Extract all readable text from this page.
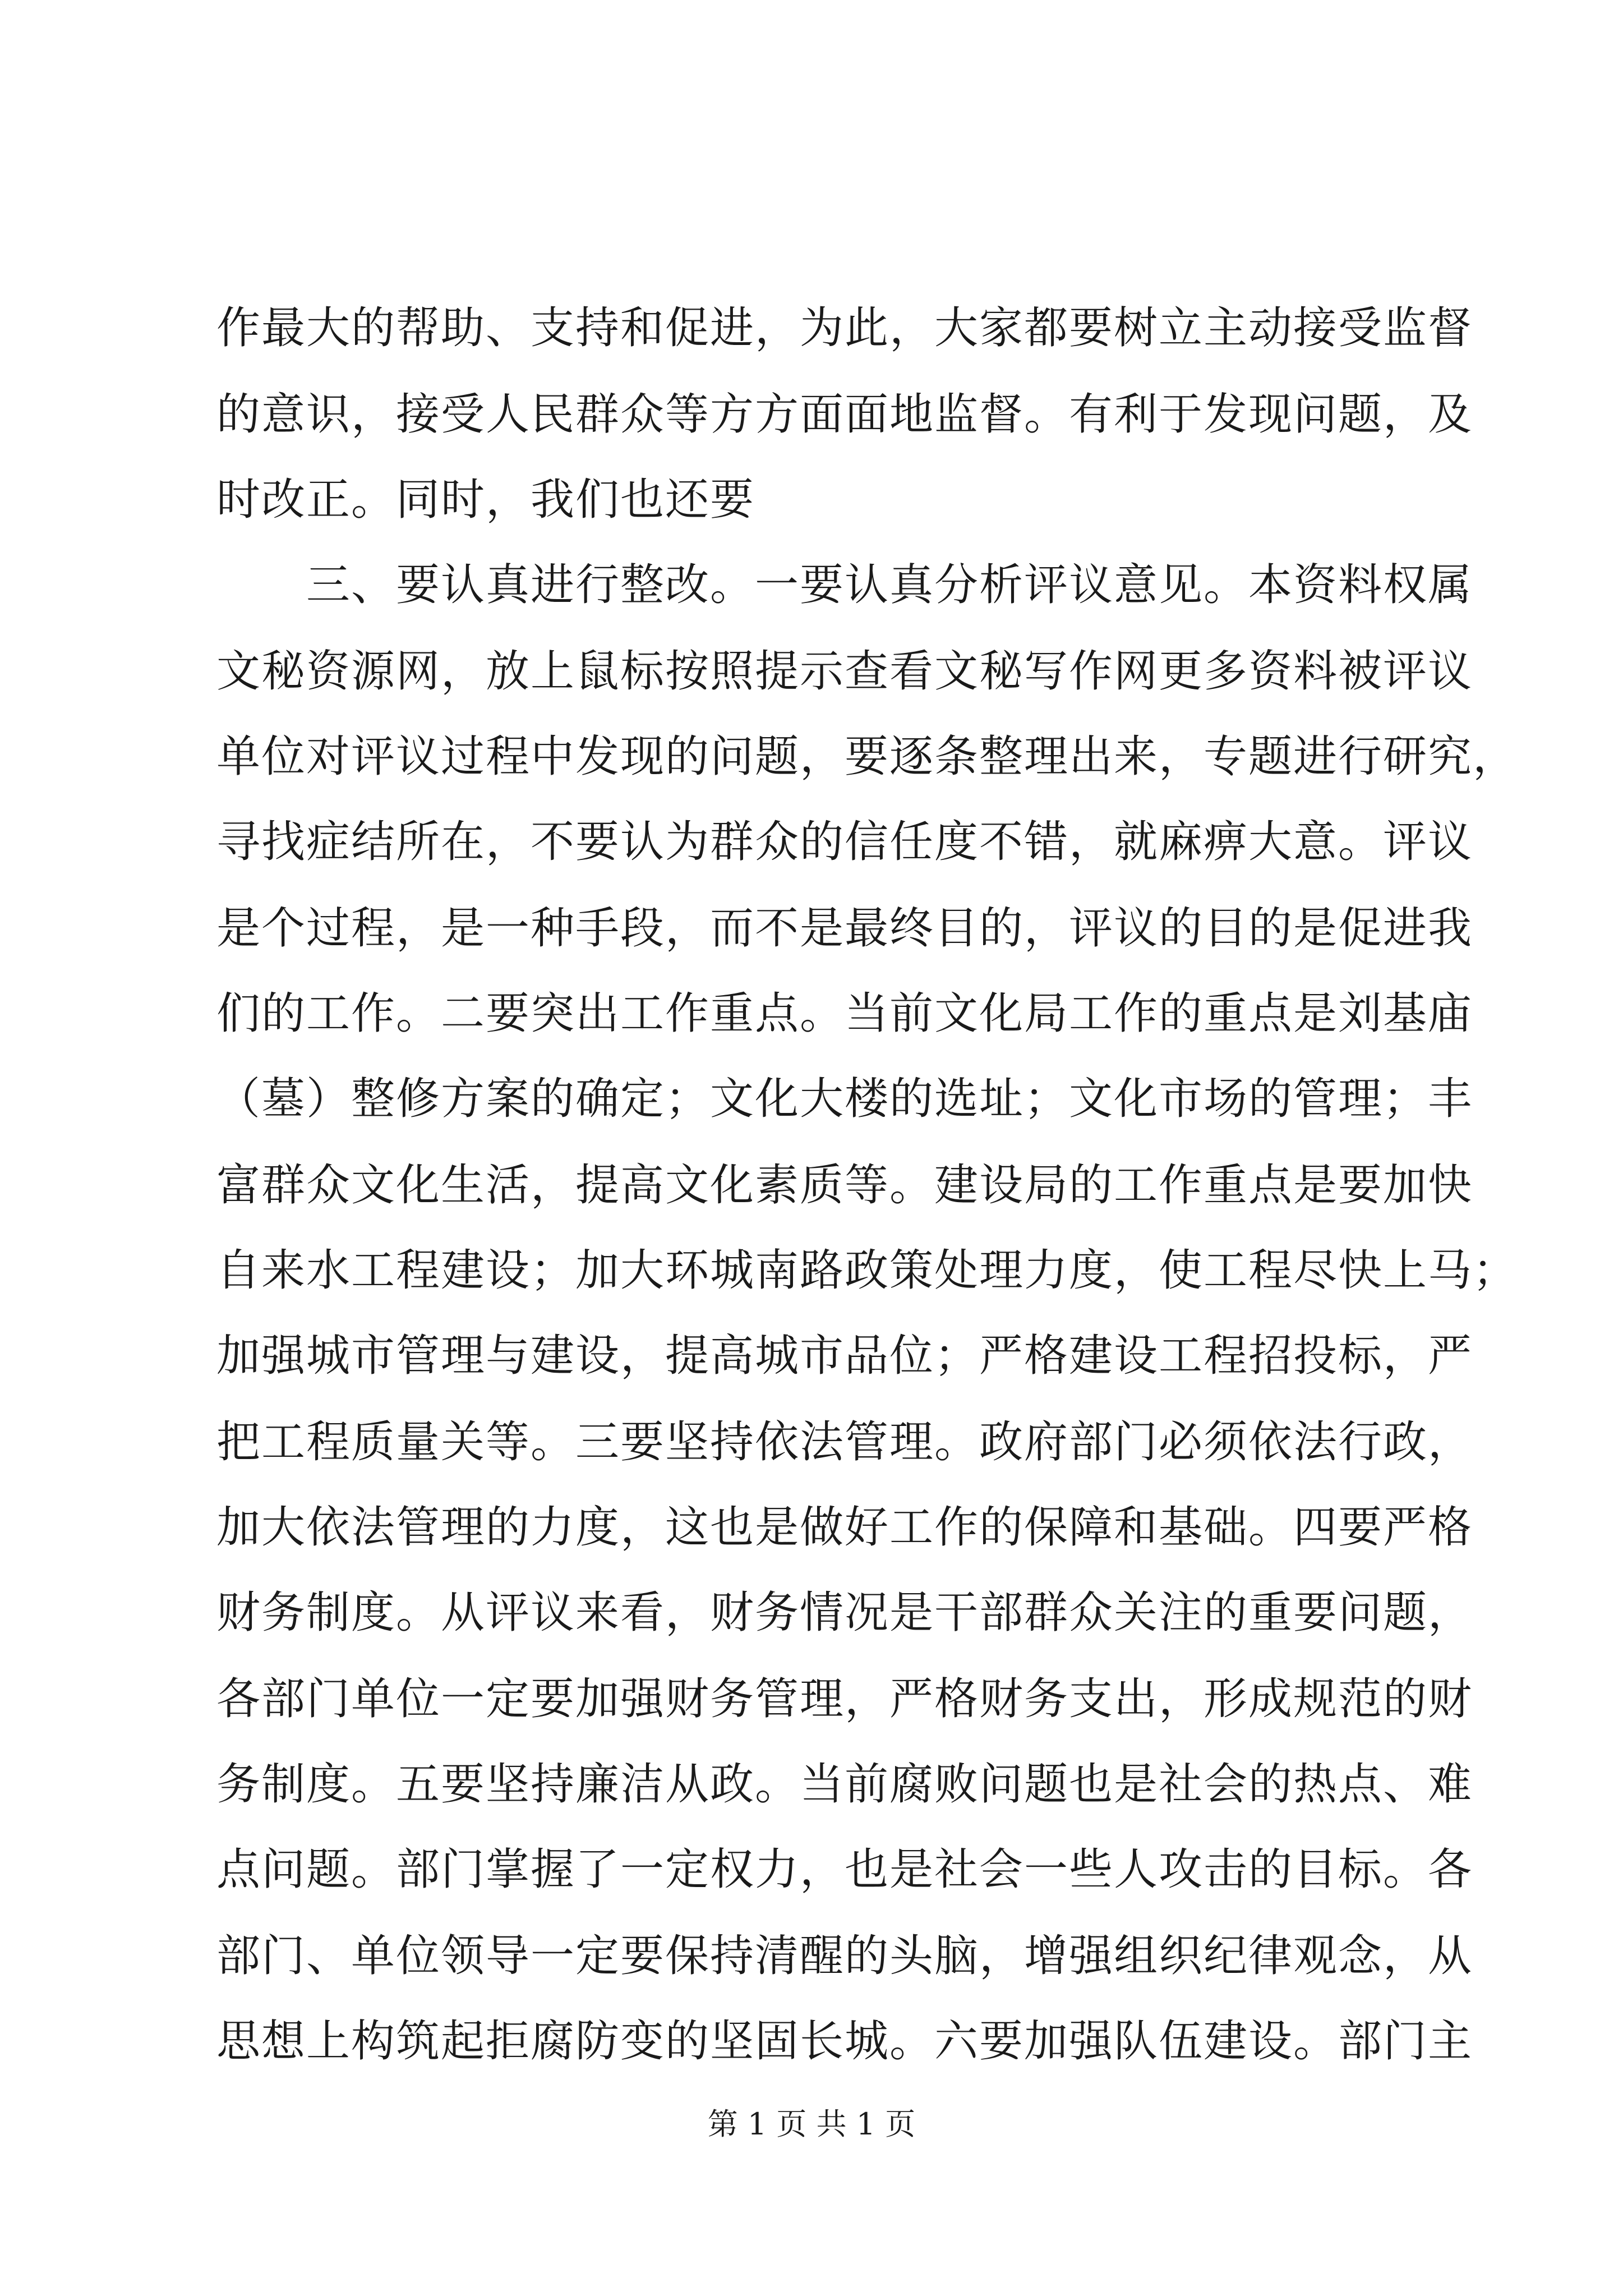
作最大的帮助、支持和促进，为此，大家都要树立主动接受监督
的意识，接受人民群众等方方面面地监督。有利于发现问题，及
时改正。同时，我们也还要
　　三、要认真进行整改。一要认真分析评议意见。本资料权属
文秘资源网，放上鼠标按照提示查看文秘写作网更多资料被评议
单位对评议过程中发现的问题，要逐条整理出来，专题进行研究，
寻找症结所在，不要认为群众的信任度不错，就麻痹大意。评议
是个过程，是一种手段，而不是最终目的，评议的目的是促进我
们的工作。二要突出工作重点。当前文化局工作的重点是刘基庙
（墓）整修方案的确定；文化大楼的选址；文化市场的管理；丰
富群众文化生活，提高文化素质等。建设局的工作重点是要加快
自来水工程建设；加大环城南路政策处理力度，使工程尽快上马；
加强城市管理与建设，提高城市品位；严格建设工程招投标，严
把工程质量关等。三要坚持依法管理。政府部门必须依法行政，
加大依法管理的力度，这也是做好工作的保障和基础。四要严格
财务制度。从评议来看，财务情况是干部群众关注的重要问题，
各部门单位一定要加强财务管理，严格财务支出，形成规范的财
务制度。五要坚持廉洁从政。当前腐败问题也是社会的热点、难
点问题。部门掌握了一定权力，也是社会一些人攻击的目标。各
部门、单位领导一定要保持清醒的头脑，增强组织纪律观念，从
思想上构筑起拒腐防变的坚固长城。六要加强队伍建设。部门主
第 1 页 共 1 页
